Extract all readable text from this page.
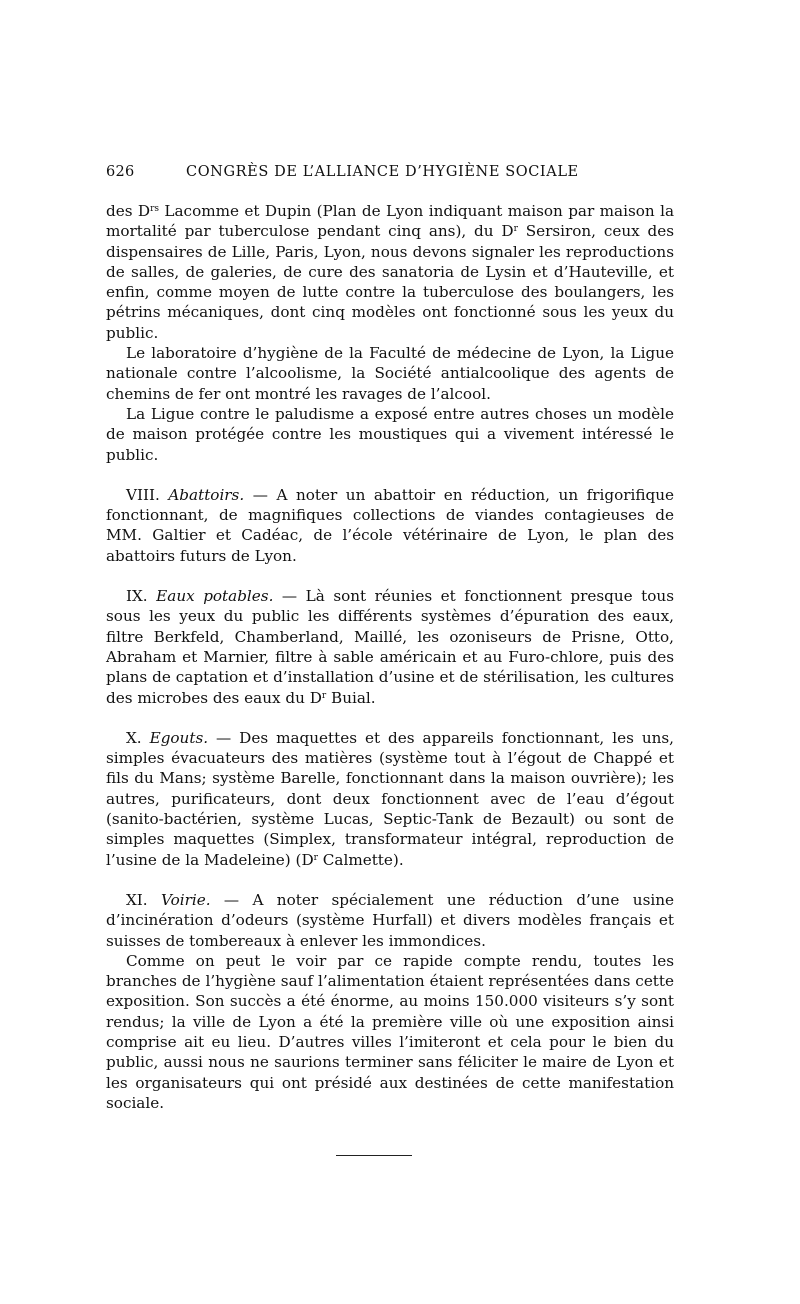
626	CONGRÈS DE L’ALLIANCE D’HYGIÈNE SOCIALE

des $D^{rs}$ Lacomme et Dupin (Plan de Lyon indiquant maison par maison la mortalité par tuberculose pendant cinq ans), du $D^r$ Sersiron, ceux des dispensaires de Lille, Paris, Lyon, nous devons signaler les reproductions de salles, de galeries, de cure des sanatoria de Lysin et d’Hauteville, et enfin, comme moyen de lutte contre la tuberculose des boulangers, les pétrins mécaniques, dont cinq modèles ont fonctionné sous les yeux du public.

Le laboratoire d’hygiène de la Faculté de médecine de Lyon, la Ligue nationale contre l’alcoolisme, la Société antialcoolique des agents de chemins de fer ont montré les ravages de l’alcool.

La Ligue contre le paludisme a exposé entre autres choses un modèle de maison protégée contre les moustiques qui a vivement intéressé le public.

VIII. Abattoirs. — A noter un abattoir en réduction, un frigorifique fonctionnant, de magnifiques collections de viandes contagieuses de MM. Galtier et Cadéac, de l’école vétérinaire de Lyon, le plan des abattoirs futurs de Lyon.

IX. Eaux potables. — Là sont réunies et fonctionnent presque tous sous les yeux du public les différents systèmes d’épuration des eaux, filtre Berkfeld, Chamberland, Maillé, les ozoniseurs de Prisne, Otto, Abraham et Marnier, filtre à sable américain et au Furo-chlore, puis des plans de captation et d’installation d’usine et de stérilisation, les cultures des microbes des eaux du $D^r$ Buial.

X. Egouts. — Des maquettes et des appareils fonctionnant, les uns, simples évacuateurs des matières (système tout à l’égout de Chappé et fils du Mans; système Barelle, fonctionnant dans la maison ouvrière); les autres, purificateurs, dont deux fonctionnent avec de l’eau d’égout (sanito-bactérien, système Lucas, Septic-Tank de Bezault) ou sont de simples maquettes (Simplex, transformateur intégral, reproduction de l’usine de la Madeleine) ($D^r$ Calmette).

XI. Voirie. — A noter spécialement une réduction d’une usine d’incinération d’odeurs (système Hurfall) et divers modèles français et suisses de tombereaux à enlever les immondices.

Comme on peut le voir par ce rapide compte rendu, toutes les branches de l’hygiène sauf l’alimentation étaient représentées dans cette exposition. Son succès a été énorme, au moins 150.000 visiteurs s’y sont rendus; la ville de Lyon a été la première ville où une exposition ainsi comprise ait eu lieu. D’autres villes l’imiteront et cela pour le bien du public, aussi nous ne saurions terminer sans féliciter le maire de Lyon et les organisateurs qui ont présidé aux destinées de cette manifestation sociale.
